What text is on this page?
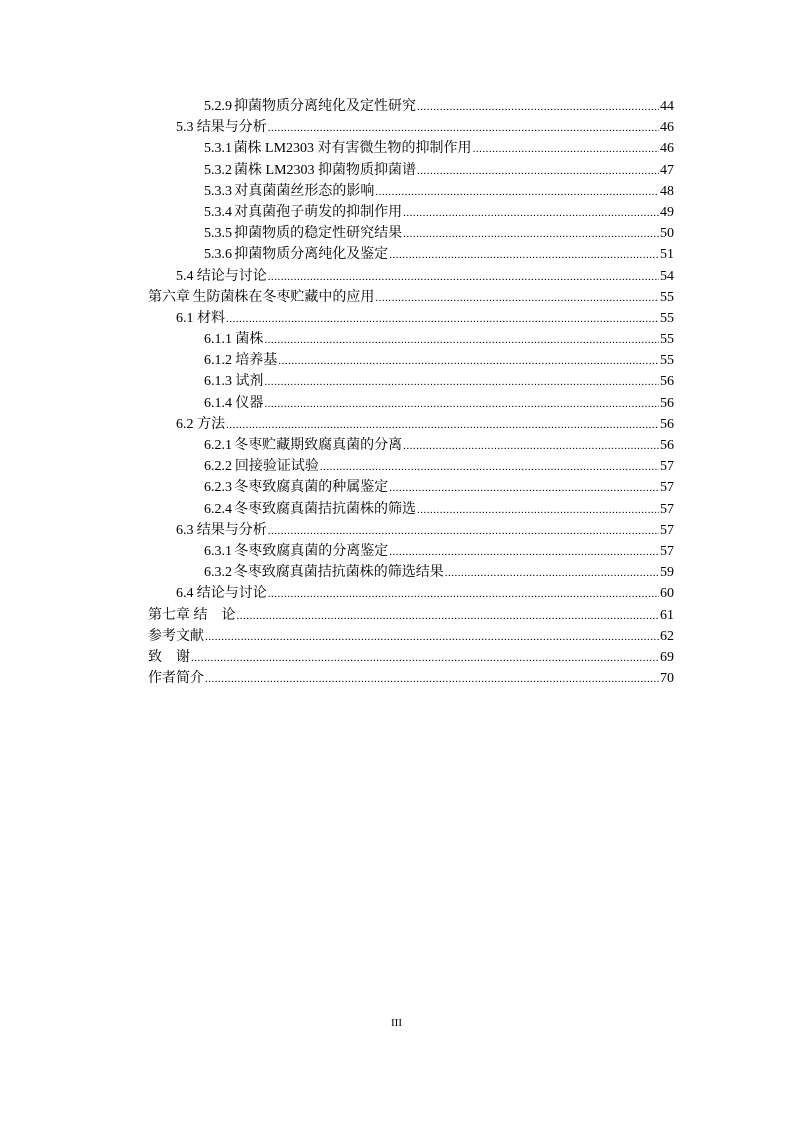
5.2.9 抑菌物质分离纯化及定性研究 .....	44
5.3 结果与分析 .....	46
5.3.1 菌株 LM2303 对有害微生物的抑制作用 .....	46
5.3.2 菌株 LM2303 抑菌物质抑菌谱 .....	47
5.3.3 对真菌菌丝形态的影响 .....	48
5.3.4 对真菌孢子萌发的抑制作用 .....	49
5.3.5 抑菌物质的稳定性研究结果 .....	50
5.3.6 抑菌物质分离纯化及鉴定 .....	51
5.4 结论与讨论 .....	54
第六章 生防菌株在冬枣贮藏中的应用 .....	55
6.1 材料 .....	55
6.1.1 菌株 .....	55
6.1.2 培养基 .....	55
6.1.3 试剂 .....	56
6.1.4 仪器 .....	56
6.2 方法 .....	56
6.2.1 冬枣贮藏期致腐真菌的分离 .....	56
6.2.2 回接验证试验 .....	57
6.2.3 冬枣致腐真菌的种属鉴定 .....	57
6.2.4 冬枣致腐真菌拮抗菌株的筛选 .....	57
6.3 结果与分析 .....	57
6.3.1 冬枣致腐真菌的分离鉴定 .....	57
6.3.2 冬枣致腐真菌拮抗菌株的筛选结果 .....	59
6.4 结论与讨论 .....	60
第七章 结　论 .....	61
参考文献 .....	62
致　谢 .....	69
作者简介 .....	70
III
